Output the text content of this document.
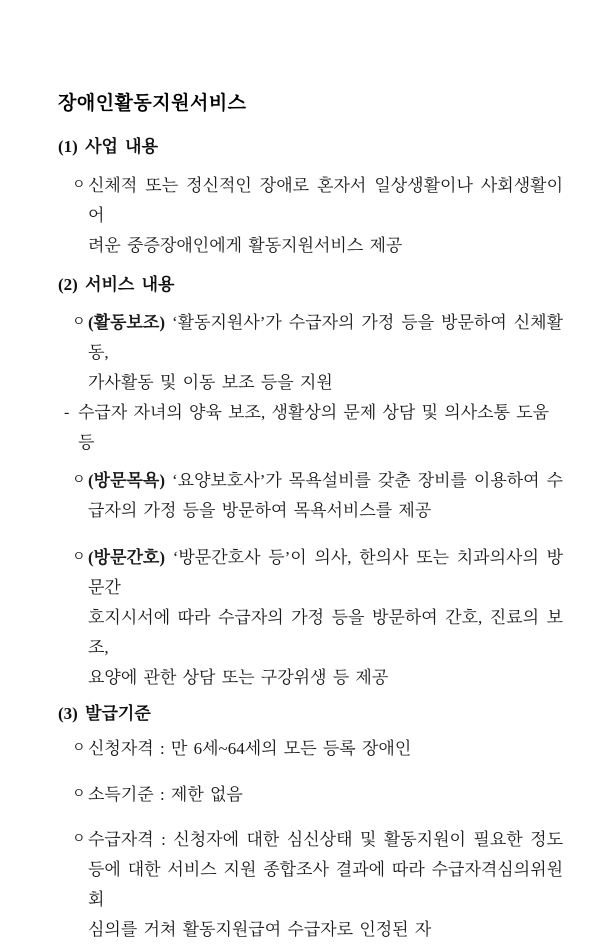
장애인활동지원서비스
(1) 사업 내용
ㅇ 신체적 또는 정신적인 장애로 혼자서 일상생활이나 사회생활이 어
려운 중증장애인에게 활동지원서비스 제공
(2) 서비스 내용
ㅇ (활동보조) ‘활동지원사’가 수급자의 가정 등을 방문하여 신체활동,
가사활동 및 이동 보조 등을 지원
- 수급자 자녀의 양육 보조, 생활상의 문제 상담 및 의사소통 도움 등
ㅇ (방문목욕) ‘요양보호사’가 목욕설비를 갖춘 장비를 이용하여 수
급자의 가정 등을 방문하여 목욕서비스를 제공
ㅇ (방문간호) ‘방문간호사 등’이 의사, 한의사 또는 치과의사의 방문간
호지시서에 따라 수급자의 가정 등을 방문하여 간호, 진료의 보조,
요양에 관한 상담 또는 구강위생 등 제공
(3) 발급기준
ㅇ 신청자격 : 만 6세~64세의 모든 등록 장애인
ㅇ 소득기준 : 제한 없음
ㅇ 수급자격 : 신청자에 대한 심신상태 및 활동지원이 필요한 정도
등에 대한 서비스 지원 종합조사 결과에 따라 수급자격심의위원회
심의를 거쳐 활동지원급여 수급자로 인정된 자
